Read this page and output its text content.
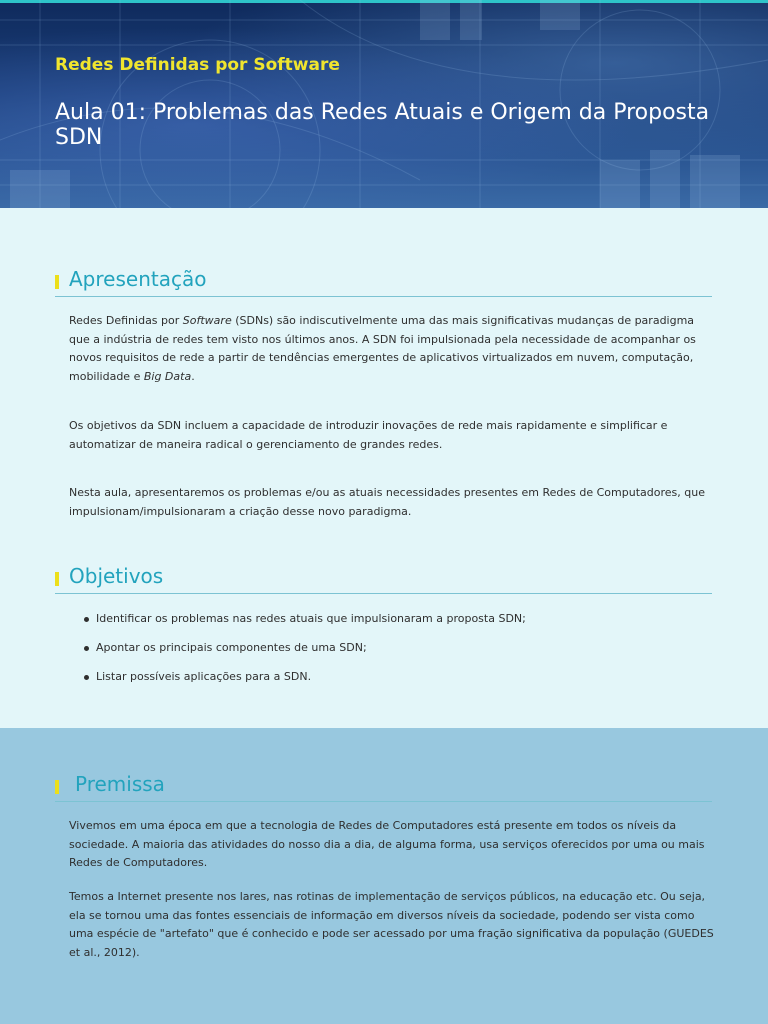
Redes Definidas por Software
Aula 01: Problemas das Redes Atuais e Origem da Proposta SDN
Apresentação

Redes Definidas por Software (SDNs) são indiscutivelmente uma das mais significativas mudanças de paradigma que a indústria de redes tem visto nos últimos anos. A SDN foi impulsionada pela necessidade de acompanhar os novos requisitos de rede a partir de tendências emergentes de aplicativos virtualizados em nuvem, computação, mobilidade e Big Data.

Os objetivos da SDN incluem a capacidade de introduzir inovações de rede mais rapidamente e simplificar e automatizar de maneira radical o gerenciamento de grandes redes.

Nesta aula, apresentaremos os problemas e/ou as atuais necessidades presentes em Redes de Computadores, que impulsionam/impulsionaram a criação desse novo paradigma.

Objetivos
Identificar os problemas nas redes atuais que impulsionaram a proposta SDN;
Apontar os principais componentes de uma SDN;
Listar possíveis aplicações para a SDN.
Premissa

Vivemos em uma época em que a tecnologia de Redes de Computadores está presente em todos os níveis da sociedade. A maioria das atividades do nosso dia a dia, de alguma forma, usa serviços oferecidos por uma ou mais Redes de Computadores.

Temos a Internet presente nos lares, nas rotinas de implementação de serviços públicos, na educação etc. Ou seja, ela se tornou uma das fontes essenciais de informação em diversos níveis da sociedade, podendo ser vista como uma espécie de "artefato" que é conhecido e pode ser acessado por uma fração significativa da população (GUEDES et al., 2012).
